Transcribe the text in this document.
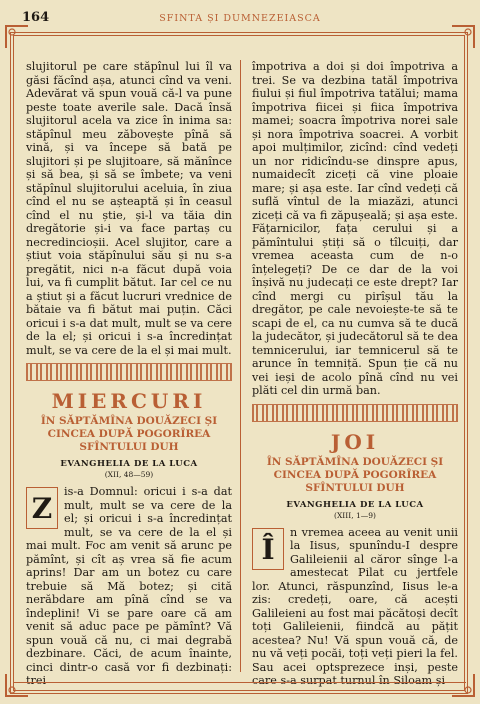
164	SFINTA ȘI DUMNEZEIASCA

slujitorul pe care stăpînul lui îl va găsi făcînd așa, atunci cînd va veni. Adevărat vă spun vouă că-l va pune peste toate averile sale. Dacă însă slujitorul acela va zice în inima sa: stăpînul meu zăbovește pînă să vină, și va începe să bată pe slujitori și pe slujitoare, să mănînce și să bea, și să se îmbete; va veni stăpînul slujitorului aceluia, în ziua cînd el nu se așteaptă și în ceasul cînd el nu știe, și-l va tăia din dregătorie și-i va face partaș cu necredincioșii. Acel slujitor, care a știut voia stăpînului său și nu s-a pregătit, nici n-a făcut după voia lui, va fi cumplit bătut. Iar cel ce nu a știut și a făcut lucruri vrednice de bătaie va fi bătut mai puțin. Căci oricui i s-a dat mult, mult se va cere de la el; și oricui i s-a încredințat mult, se va cere de la el și mai mult.

MIERCURI
ÎN SĂPTĂMÎNA DOUĂZECI ȘI CINCEA DUPĂ POGORÎREA SFÎNTULUI DUH
EVANGHELIA DE LA LUCA
(XII, 48—59)
Z

is-a Domnul: oricui i s-a dat mult, mult se va cere de la el; și oricui i s-a încredințat mult, se va cere de la el și mai mult. Foc am venit să arunc pe pămînt, și cît aș vrea să fie acum aprins! Dar am un botez cu care trebuie să Mă botez; și cită nerăbdare am pînă cînd se va îndeplini! Vi se pare oare că am venit să aduc pace pe pămînt? Vă spun vouă că nu, ci mai degrabă dezbinare. Căci, de acum înainte, cinci dintr-o casă vor fi dezbinați: trei

împotriva a doi și doi împotriva a trei. Se va dezbina tatăl împotriva fiului și fiul împotriva tatălui; mama împotriva fiicei și fiica împotriva mamei; soacra împotriva norei sale și nora împotriva soacrei. A vorbit apoi mulțimilor, zicînd: cînd vedeți un nor ridicîndu-se dinspre apus, numaidecît ziceți că vine ploaie mare; și așa este. Iar cînd vedeți că suflă vîntul de la miazăzi, atunci ziceți că va fi zăpușeală; și așa este. Fățarnicilor, fața cerului și a pămîntului știți să o tîlcuiți, dar vremea aceasta cum de n-o înțelegeți? De ce dar de la voi înșivă nu judecați ce este drept? Iar cînd mergi cu pirîșul tău la dregător, pe cale nevoiește-te să te scapi de el, ca nu cumva să te ducă la judecător, și judecătorul să te dea temnicerului, iar temnicerul să te arunce în temniță. Spun ție că nu vei ieși de acolo pînă cînd nu vei plăti cel din urmă ban.

JOI
ÎN SĂPTĂMÎNA DOUĂZECI ȘI CINCEA DUPĂ POGORÎREA SFÎNTULUI DUH
EVANGHELIA DE LA LUCA
(XIII, 1—9)
Î

n vremea aceea au venit unii la Iisus, spunîndu-I despre Galileienii al căror sînge l-a amestecat Pilat cu jertfele lor. Atunci, răspunzînd, Iisus le-a zis: credeți, oare, că acești Galileieni au fost mai păcătoși decît toți Galileienii, fiindcă au pățit acestea? Nu! Vă spun vouă că, de nu vă veți pocăi, toți veți pieri la fel. Sau acei optsprezece inși, peste care s-a surpat turnul în Siloam și
